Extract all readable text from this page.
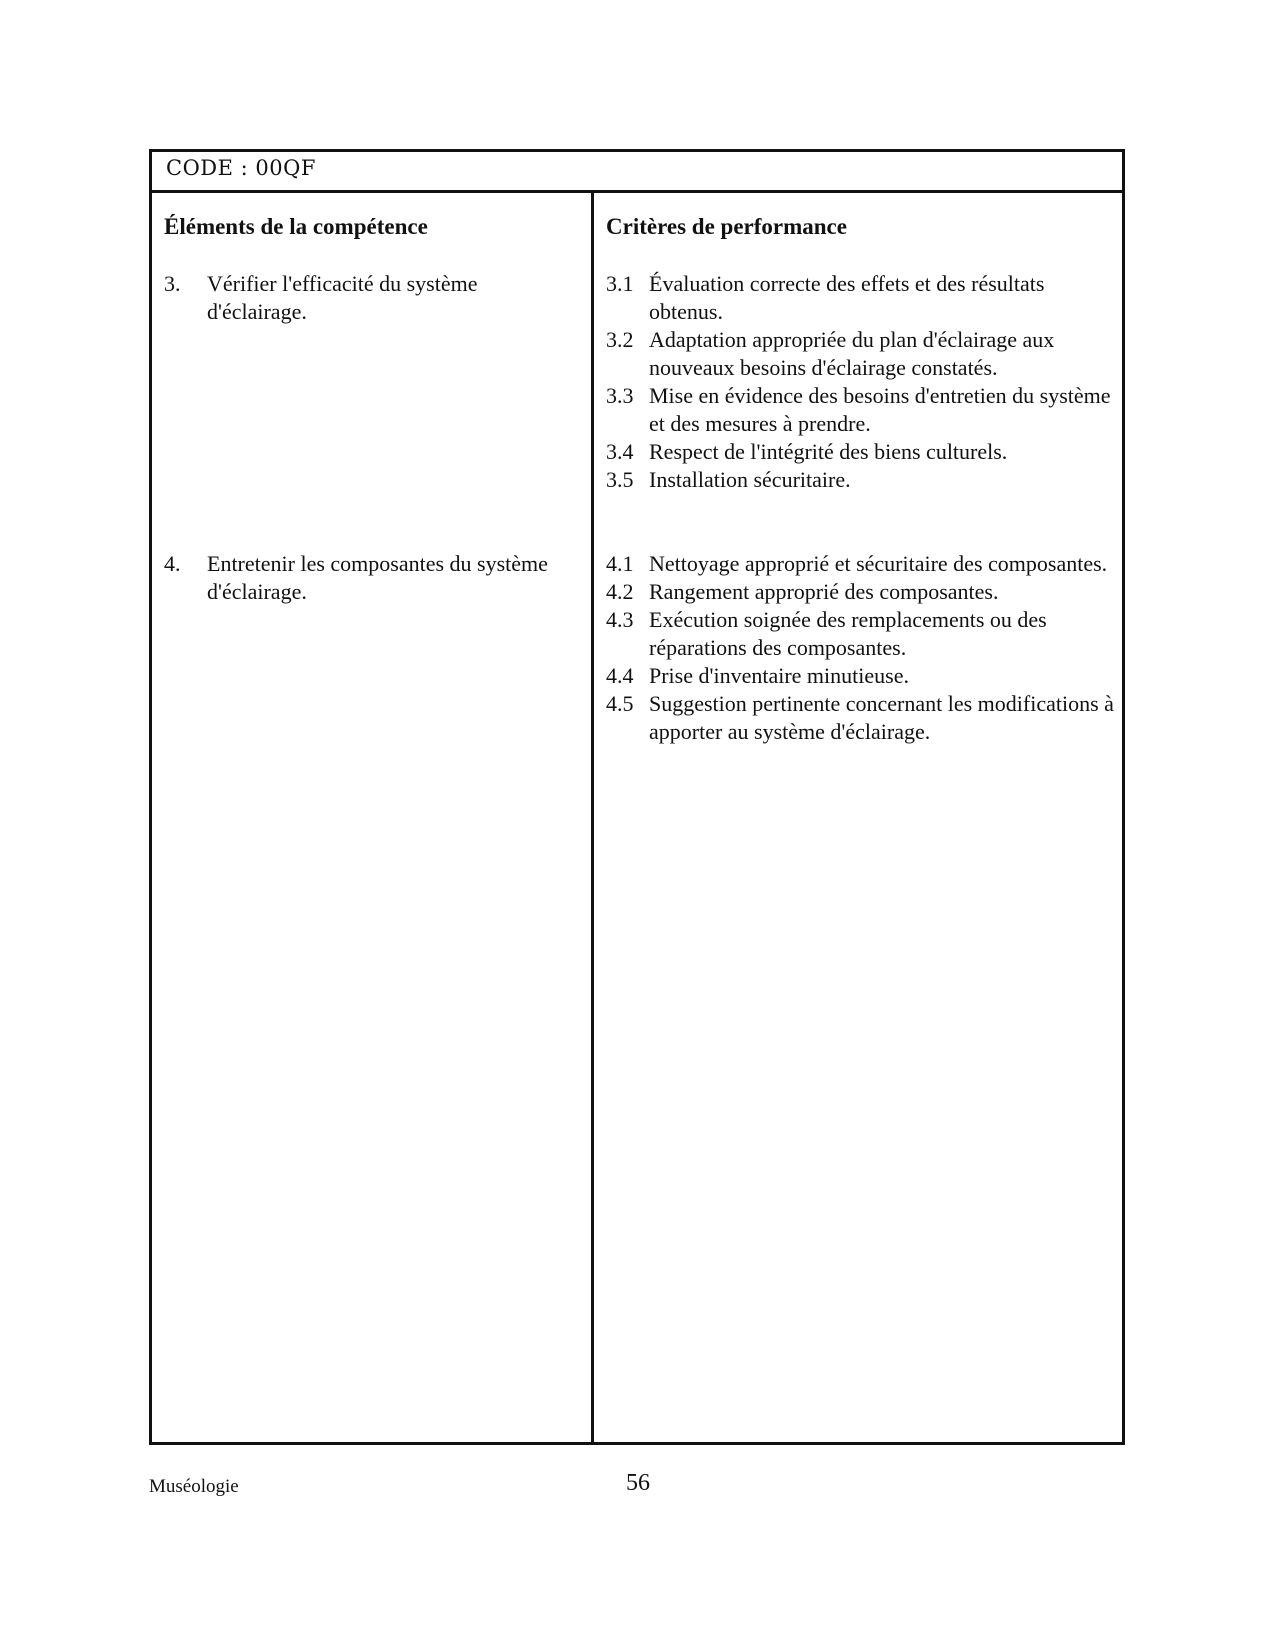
CODE : 00QF
Éléments de la compétence
3. Vérifier l'efficacité du système d'éclairage.
4. Entretenir les composantes du système d'éclairage.
Critères de performance
3.1 Évaluation correcte des effets et des résultats obtenus.
3.2 Adaptation appropriée du plan d'éclairage aux nouveaux besoins d'éclairage constatés.
3.3 Mise en évidence des besoins d'entretien du système et des mesures à prendre.
3.4 Respect de l'intégrité des biens culturels.
3.5 Installation sécuritaire.
4.1 Nettoyage approprié et sécuritaire des composantes.
4.2 Rangement approprié des composantes.
4.3 Exécution soignée des remplacements ou des réparations des composantes.
4.4 Prise d'inventaire minutieuse.
4.5 Suggestion pertinente concernant les modifications à apporter au système d'éclairage.
Muséologie	56
